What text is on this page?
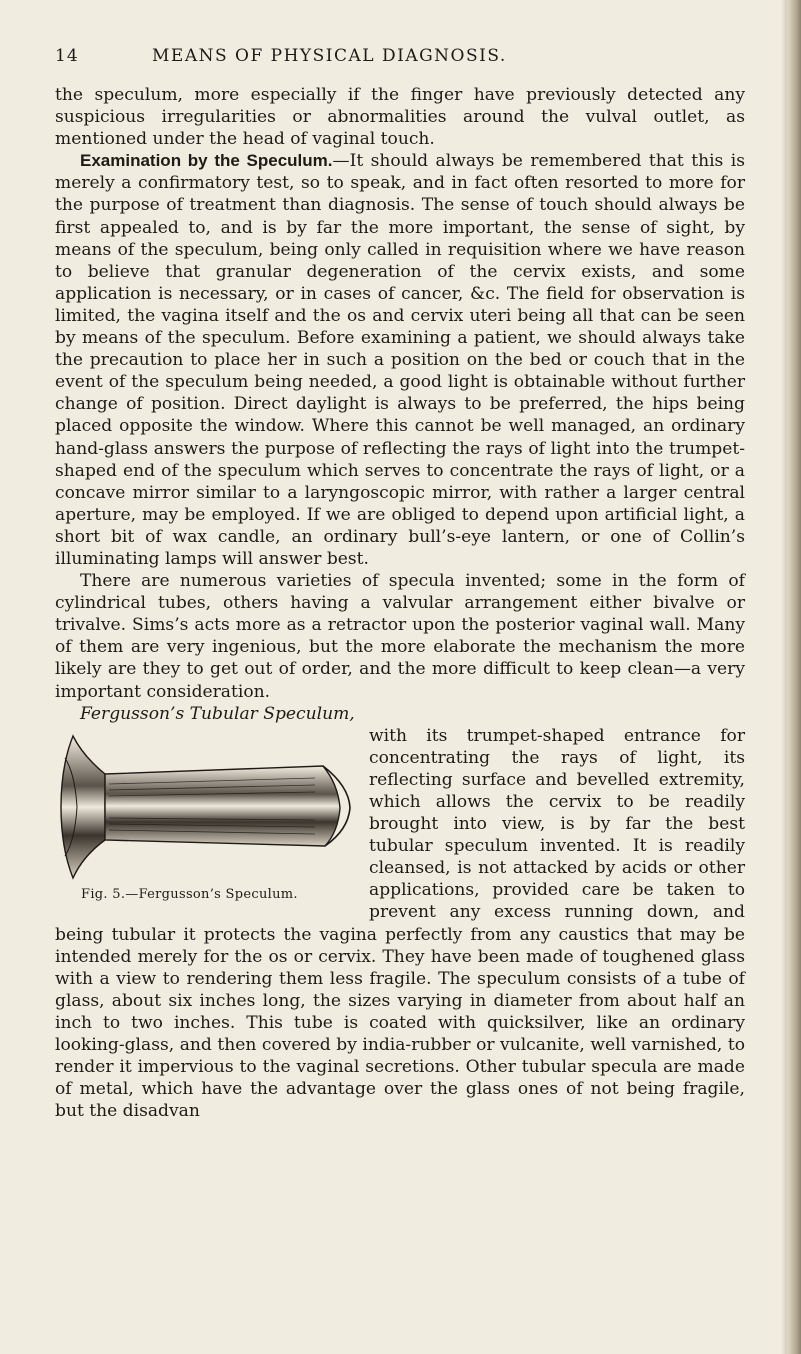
14	MEANS OF PHYSICAL DIAGNOSIS.

the speculum, more especially if the finger have previously detected any suspicious irregularities or abnormalities around the vulval outlet, as mentioned under the head of vaginal touch.

Examination by the Speculum.—It should always be remembered that this is merely a confirmatory test, so to speak, and in fact often resorted to more for the purpose of treatment than diagnosis. The sense of touch should always be first appealed to, and is by far the more important, the sense of sight, by means of the speculum, being only called in requisition where we have reason to believe that granular degeneration of the cervix exists, and some application is necessary, or in cases of cancer, &c. The field for observation is limited, the vagina itself and the os and cervix uteri being all that can be seen by means of the speculum. Before examining a patient, we should always take the precaution to place her in such a position on the bed or couch that in the event of the speculum being needed, a good light is obtainable without further change of position. Direct daylight is always to be preferred, the hips being placed opposite the window. Where this cannot be well managed, an ordinary hand-glass answers the purpose of reflecting the rays of light into the trumpet-shaped end of the speculum which serves to concentrate the rays of light, or a concave mirror similar to a laryngoscopic mirror, with rather a larger central aperture, may be employed. If we are obliged to depend upon artificial light, a short bit of wax candle, an ordinary bull’s-eye lantern, or one of Collin’s illuminating lamps will answer best.

There are numerous varieties of specula invented; some in the form of cylindrical tubes, others having a valvular arrangement either bivalve or trivalve. Sims’s acts more as a retractor upon the posterior vaginal wall. Many of them are very ingenious, but the more elaborate the mechanism the more likely are they to get out of order, and the more difficult to keep clean—a very important consideration.

Fergusson’s Tubular Speculum,

Fig. 5.—Fergusson’s Speculum.
with its trumpet-shaped entrance for concentrating the rays of light, its reflecting surface and bevelled extremity, which allows the cervix to be readily brought into view, is by far the best tubular speculum invented. It is readily cleansed, is not attacked by acids or other applications, provided care be taken to prevent any excess running down, and being tubular it protects the vagina perfectly from any caustics that may be intended merely for the os or cervix. They have been made of toughened glass with a view to rendering them less fragile. The speculum consists of a tube of glass, about six inches long, the sizes varying in diameter from about half an inch to two inches. This tube is coated with quicksilver, like an ordinary looking-glass, and then covered by india-rubber or vulcanite, well varnished, to render it impervious to the vaginal secretions. Other tubular specula are made of metal, which have the advantage over the glass ones of not being fragile, but the disadvan
